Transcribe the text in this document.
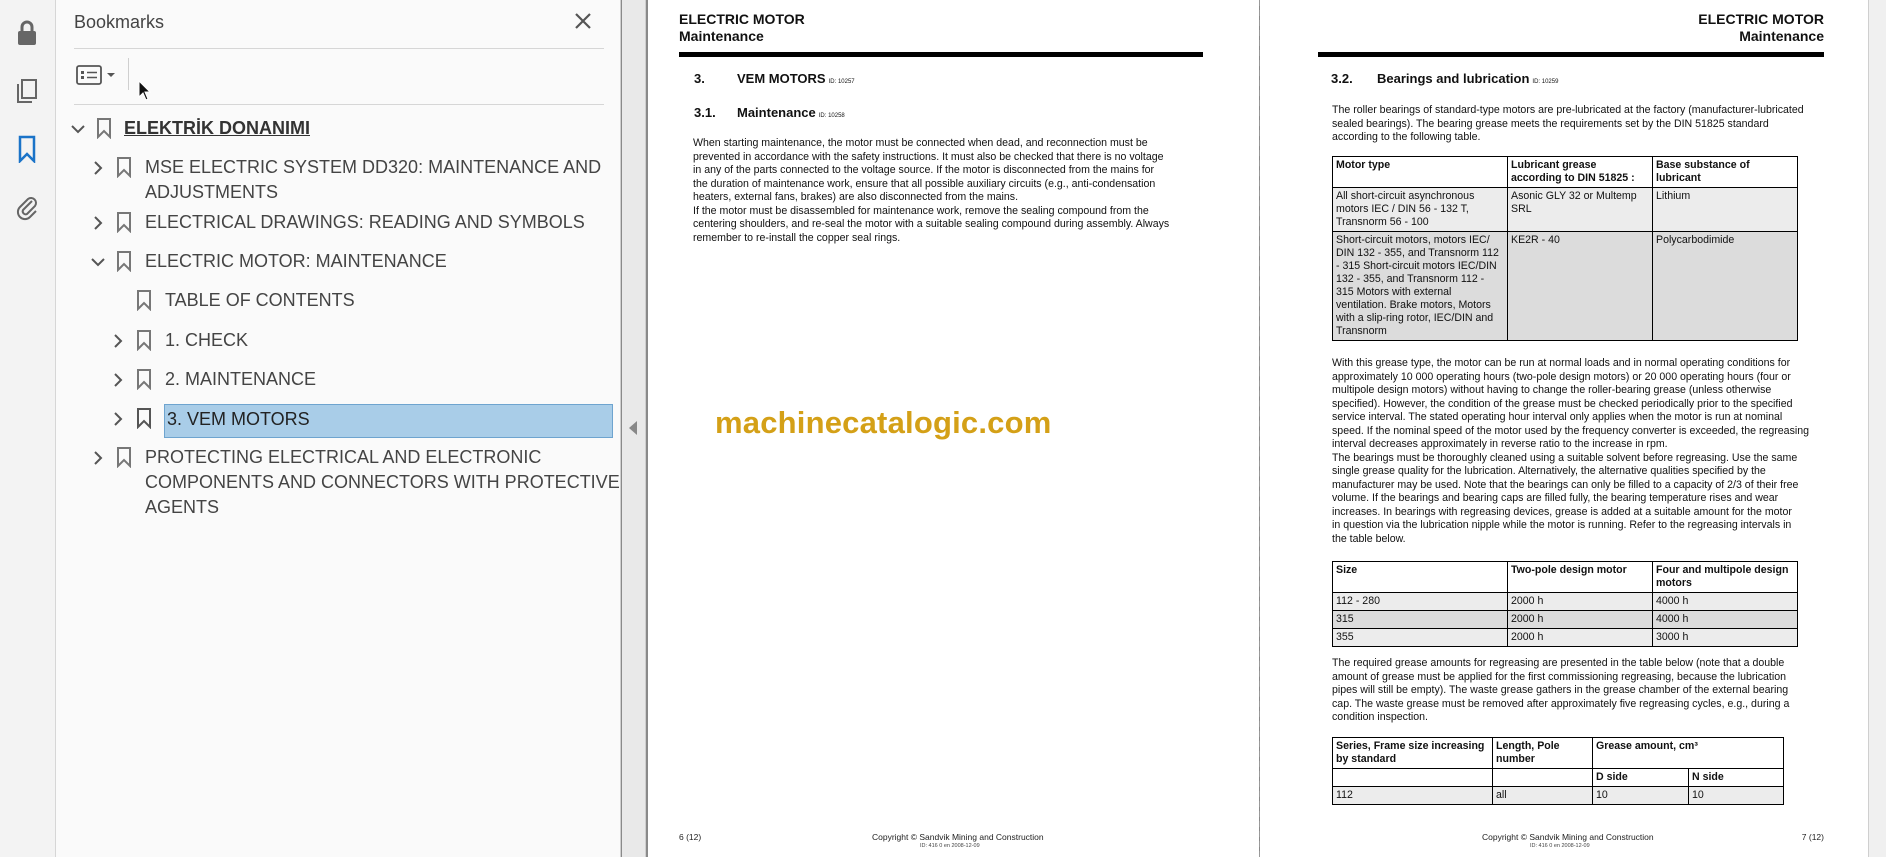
Bookmarks
ELEKTRİK DONANIMI
MSE ELECTRIC SYSTEM DD320: MAINTENANCE AND
ADJUSTMENTS
ELECTRICAL DRAWINGS: READING AND SYMBOLS
ELECTRIC MOTOR: MAINTENANCE
TABLE OF CONTENTS
1. CHECK
2. MAINTENANCE
3. VEM MOTORS
PROTECTING ELECTRICAL AND ELECTRONIC
COMPONENTS AND CONNECTORS WITH PROTECTIVE
AGENTS
ELECTRIC MOTOR
Maintenance
3. VEM MOTORS ID: 10257
3.1. Maintenance ID: 10258
When starting maintenance, the motor must be connected when dead, and reconnection must be
prevented in accordance with the safety instructions. It must also be checked that there is no voltage
in any of the parts connected to the voltage source. If the motor is disconnected from the mains for
the duration of maintenance work, ensure that all possible auxiliary circuits (e.g., anti-condensation
heaters, external fans, brakes) are also disconnected from the mains.
If the motor must be disassembled for maintenance work, remove the sealing compound from the
centering shoulders, and re-seal the motor with a suitable sealing compound during assembly. Always
remember to re-install the copper seal rings.
6 (12)	Copyright © Sandvik Mining and Construction
ID: 416 0 en 2008-12-09
ELECTRIC MOTOR
Maintenance
3.2. Bearings and lubrication ID: 10259
The roller bearings of standard-type motors are pre-lubricated at the factory (manufacturer-lubricated
sealed bearings). The bearing grease meets the requirements set by the DIN 51825 standard
according to the following table.
Motor type	Lubricant grease according to DIN 51825 :	Base substance of lubricant
All short-circuit asynchronous motors IEC / DIN 56 - 132 T, Transnorm 56 - 100	Asonic GLY 32 or Multemp SRL	Lithium
Short-circuit motors, motors IEC/ DIN 132 - 355, and Transnorm 112 - 315 Short-circuit motors IEC/DIN 132 - 355, and Transnorm 112 - 315 Motors with external ventilation. Brake motors, Motors with a slip-ring rotor, IEC/DIN and Transnorm	KE2R - 40	Polycarbodimide
With this grease type, the motor can be run at normal loads and in normal operating conditions for
approximately 10 000 operating hours (two-pole design motors) or 20 000 operating hours (four or
multipole design motors) without having to change the roller-bearing grease (unless otherwise
specified). However, the condition of the grease must be checked periodically prior to the specified
service interval. The stated operating hour interval only applies when the motor is run at nominal
speed. If the nominal speed of the motor used by the frequency converter is exceeded, the regreasing
interval decreases approximately in reverse ratio to the increase in rpm.
The bearings must be thoroughly cleaned using a suitable solvent before regreasing. Use the same
single grease quality for the lubrication. Alternatively, the alternative qualities specified by the
manufacturer may be used. Note that the bearings can only be filled to a capacity of 2/3 of their free
volume. If the bearings and bearing caps are filled fully, the bearing temperature rises and wear
increases. In bearings with regreasing devices, grease is added at a suitable amount for the motor
in question via the lubrication nipple while the motor is running. Refer to the regreasing intervals in
the table below.
Size	Two-pole design motor	Four and multipole design motors
112 - 280	2000 h	4000 h
315	2000 h	4000 h
355	2000 h	3000 h
The required grease amounts for regreasing are presented in the table below (note that a double
amount of grease must be applied for the first commissioning regreasing, because the lubrication
pipes will still be empty). The waste grease gathers in the grease chamber of the external bearing
cap. The waste grease must be removed after approximately five regreasing cycles, e.g., during a
condition inspection.
Series, Frame size increasing by standard	Length, Pole number	Grease amount, cm³	
		D side	N side
112	all	10	10
Copyright © Sandvik Mining and Construction
ID: 416 0 en 2008-12-09
7 (12)
machinecatalogic.com
